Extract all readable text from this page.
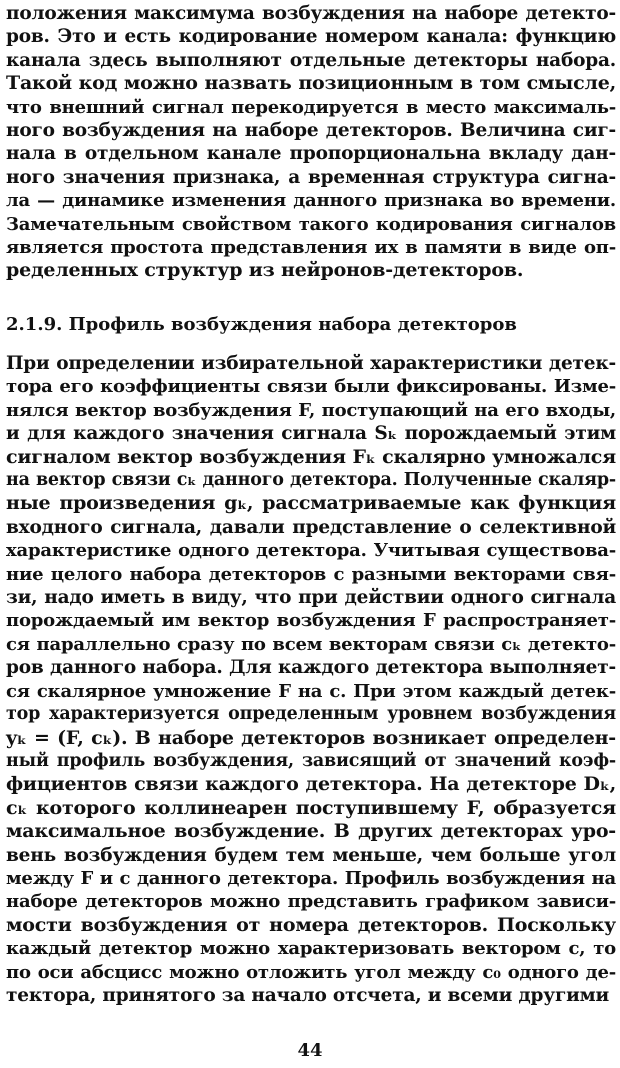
положения максимума возбуждения на наборе детекто-
ров. Это и есть кодирование номером канала: функцию
канала здесь выполняют отдельные детекторы набора.
Такой код можно назвать позиционным в том смысле,
что внешний сигнал перекодируется в место максималь-
ного возбуждения на наборе детекторов. Величина сиг-
нала в отдельном канале пропорциональна вкладу дан-
ного значения признака, а временная структура сигна-
ла — динамике изменения данного признака во времени.
Замечательным свойством такого кодирования сигналов
является простота представления их в памяти в виде оп-
ределенных структур из нейронов-детекторов.
2.1.9. Профиль возбуждения набора детекторов
При определении избирательной характеристики детек-
тора его коэффициенты связи были фиксированы. Изме-
нялся вектор возбуждения F, поступающий на его входы,
и для каждого значения сигнала Sₖ порождаемый этим
сигналом вектор возбуждения Fₖ скалярно умножался
на вектор связи cₖ данного детектора. Полученные скаляр-
ные произведения gₖ, рассматриваемые как функция
входного сигнала, давали представление о селективной
характеристике одного детектора. Учитывая существова-
ние целого набора детекторов с разными векторами свя-
зи, надо иметь в виду, что при действии одного сигнала
порождаемый им вектор возбуждения F распространяет-
ся параллельно сразу по всем векторам связи cₖ детекто-
ров данного набора. Для каждого детектора выполняет-
ся скалярное умножение F на c. При этом каждый детек-
тор характеризуется определенным уровнем возбуждения
yₖ = (F, cₖ). В наборе детекторов возникает определен-
ный профиль возбуждения, зависящий от значений коэф-
фициентов связи каждого детектора. На детекторе Dₖ,
cₖ которого коллинеарен поступившему F, образуется
максимальное возбуждение. В других детекторах уро-
вень возбуждения будем тем меньше, чем больше угол
между F и c данного детектора. Профиль возбуждения на
наборе детекторов можно представить графиком зависи-
мости возбуждения от номера детекторов. Поскольку
каждый детектор можно характеризовать вектором c, то
по оси абсцисс можно отложить угол между c₀ одного де-
тектора, принятого за начало отсчета, и всеми другими
44
